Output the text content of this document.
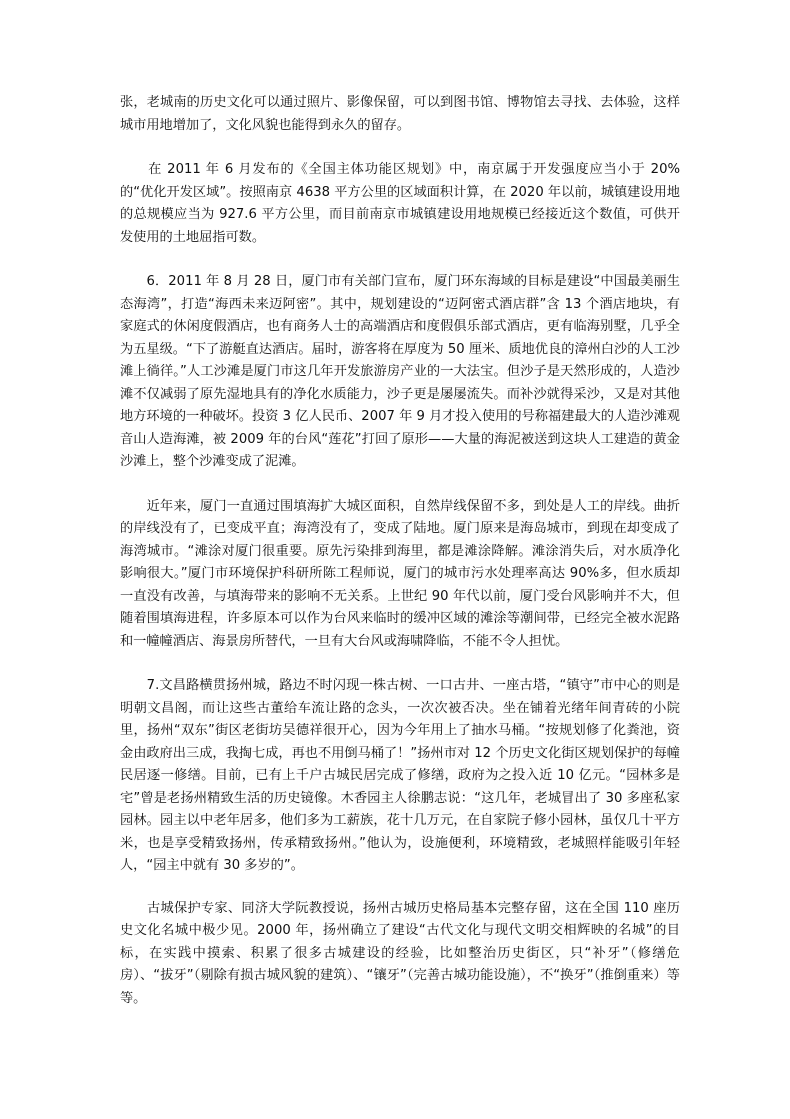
张，老城南的历史文化可以通过照片、影像保留，可以到图书馆、博物馆去寻找、去体验，这样城市用地增加了，文化风貌也能得到永久的留存。

　　在 2011 年 6 月发布的《全国主体功能区规划》中，南京属于开发强度应当小于 20%的“优化开发区域”。按照南京 4638 平方公里的区域面积计算，在 2020 年以前，城镇建设用地的总规模应当为 927.6 平方公里，而目前南京市城镇建设用地规模已经接近这个数值，可供开发使用的土地屈指可数。

　　6．2011 年 8 月 28 日，厦门市有关部门宣布，厦门环东海域的目标是建设“中国最美丽生态海湾”，打造“海西未来迈阿密”。其中，规划建设的“迈阿密式酒店群”含 13 个酒店地块，有家庭式的休闲度假酒店，也有商务人士的高端酒店和度假俱乐部式酒店，更有临海别墅，几乎全为五星级。“下了游艇直达酒店。届时，游客将在厚度为 50 厘米、质地优良的漳州白沙的人工沙滩上徜徉。”人工沙滩是厦门市这几年开发旅游房产业的一大法宝。但沙子是天然形成的，人造沙滩不仅减弱了原先湿地具有的净化水质能力，沙子更是屡屡流失。而补沙就得采沙，又是对其他地方环境的一种破坏。投资 3 亿人民币、2007 年 9 月才投入使用的号称福建最大的人造沙滩观音山人造海滩，被 2009 年的台风“莲花”打回了原形——大量的海泥被送到这块人工建造的黄金沙滩上，整个沙滩变成了泥滩。

　　近年来，厦门一直通过围填海扩大城区面积，自然岸线保留不多，到处是人工的岸线。曲折的岸线没有了，已变成平直；海湾没有了，变成了陆地。厦门原来是海岛城市，到现在却变成了海湾城市。“滩涂对厦门很重要。原先污染排到海里，都是滩涂降解。滩涂消失后，对水质净化影响很大。”厦门市环境保护科研所陈工程师说，厦门的城市污水处理率高达 90%多，但水质却一直没有改善，与填海带来的影响不无关系。上世纪 90 年代以前，厦门受台风影响并不大，但随着围填海进程，许多原本可以作为台风来临时的缓冲区域的滩涂等潮间带，已经完全被水泥路和一幢幢酒店、海景房所替代，一旦有大台风或海啸降临，不能不令人担忧。

　　7.文昌路横贯扬州城，路边不时闪现一株古树、一口古井、一座古塔，“镇守”市中心的则是明朝文昌阁，而让这些古董给车流让路的念头，一次次被否决。坐在铺着光绪年间青砖的小院里，扬州“双东”街区老街坊吴德祥很开心，因为今年用上了抽水马桶。“按规划修了化粪池，资金由政府出三成，我掏七成，再也不用倒马桶了！”扬州市对 12 个历史文化街区规划保护的每幢民居逐一修缮。目前，已有上千户古城民居完成了修缮，政府为之投入近 10 亿元。“园林多是宅”曾是老扬州精致生活的历史镜像。木香园主人徐鹏志说：“这几年，老城冒出了 30 多座私家园林。园主以中老年居多，他们多为工薪族，花十几万元，在自家院子修小园林，虽仅几十平方米，也是享受精致扬州，传承精致扬州。”他认为，设施便利，环境精致，老城照样能吸引年轻人，“园主中就有 30 多岁的”。

　　古城保护专家、同济大学阮教授说，扬州古城历史格局基本完整存留，这在全国 110 座历史文化名城中极少见。2000 年，扬州确立了建设“古代文化与现代文明交相辉映的名城”的目标，在实践中摸索、积累了很多古城建设的经验，比如整治历史街区，只“补牙”（修缮危房）、“拔牙”（剔除有损古城风貌的建筑）、“镶牙”（完善古城功能设施），不“换牙”（推倒重来）等等。
